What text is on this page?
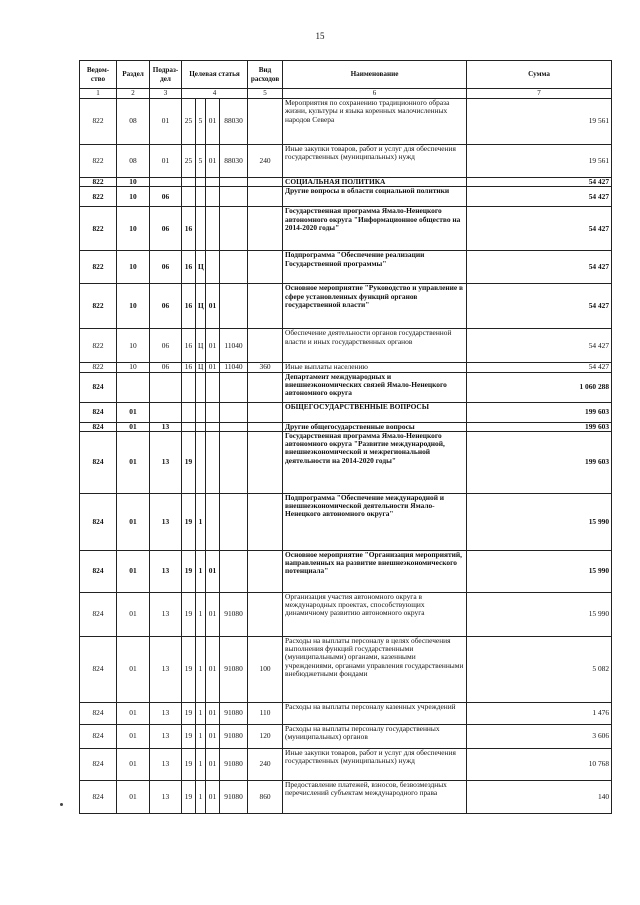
15
Ведом-ство	Раздел	Подраз-дел	Целевая статья				Вид расходов	Наименование	Сумма
1	2	3	4				5	6	7
822	08	01	25	5	01	88030		Мероприятия по сохранению традиционного образа жизни, культуры и языка коренных малочисленных народов Севера	19 561
822	08	01	25	5	01	88030	240	Иные закупки товаров, работ и услуг для обеспечения государственных (муниципальных) нужд	19 561
822	10							СОЦИАЛЬНАЯ ПОЛИТИКА	54 427
822	10	06						Другие вопросы в области социальной политики	54 427
822	10	06	16					Государственная программа Ямало-Ненецкого автономного округа "Информационное общество на 2014-2020 годы"	54 427
822	10	06	16	Ц				Подпрограмма "Обеспечение реализации Государственной программы"	54 427
822	10	06	16	Ц	01			Основное мероприятие "Руководство и управление в сфере установленных функций органов государственной власти"	54 427
822	10	06	16	Ц	01	11040		Обеспечение деятельности органов государственной власти и иных государственных органов	54 427
822	10	06	16	Ц	01	11040	360	Иные выплаты населению	54 427
824								Департамент международных и внешнеэкономических связей Ямало-Ненецкого автономного округа	1 060 288
824	01							ОБЩЕГОСУДАРСТВЕННЫЕ ВОПРОСЫ	199 603
824	01	13						Другие общегосударственные вопросы	199 603
824	01	13	19					Государственная программа Ямало-Ненецкого автономного округа "Развитие международной, внешнеэкономической и межрегиональной деятельности на 2014-2020 годы"	199 603
824	01	13	19	1				Подпрограмма "Обеспечение международной и внешнеэкономической деятельности Ямало-Ненецкого автономного округа"	15 990
824	01	13	19	1	01			Основное мероприятие "Организация мероприятий, направленных на развитие внешнеэкономического потенциала"	15 990
824	01	13	19	1	01	91080		Организация участия автономного округа в международных проектах, способствующих динамичному развитию автономного округа	15 990
824	01	13	19	1	01	91080	100	Расходы на выплаты персоналу в целях обеспечения выполнения функций государственными (муниципальными) органами, казенными учреждениями, органами управления государственными внебюджетными фондами	5 082
824	01	13	19	1	01	91080	110	Расходы на выплаты персоналу казенных учреждений	1 476
824	01	13	19	1	01	91080	120	Расходы на выплаты персоналу государственных (муниципальных) органов	3 606
824	01	13	19	1	01	91080	240	Иные закупки товаров, работ и услуг для обеспечения государственных (муниципальных) нужд	10 768
824	01	13	19	1	01	91080	860	Предоставление платежей, взносов, безвозмездных перечислений субъектам международного права	140
